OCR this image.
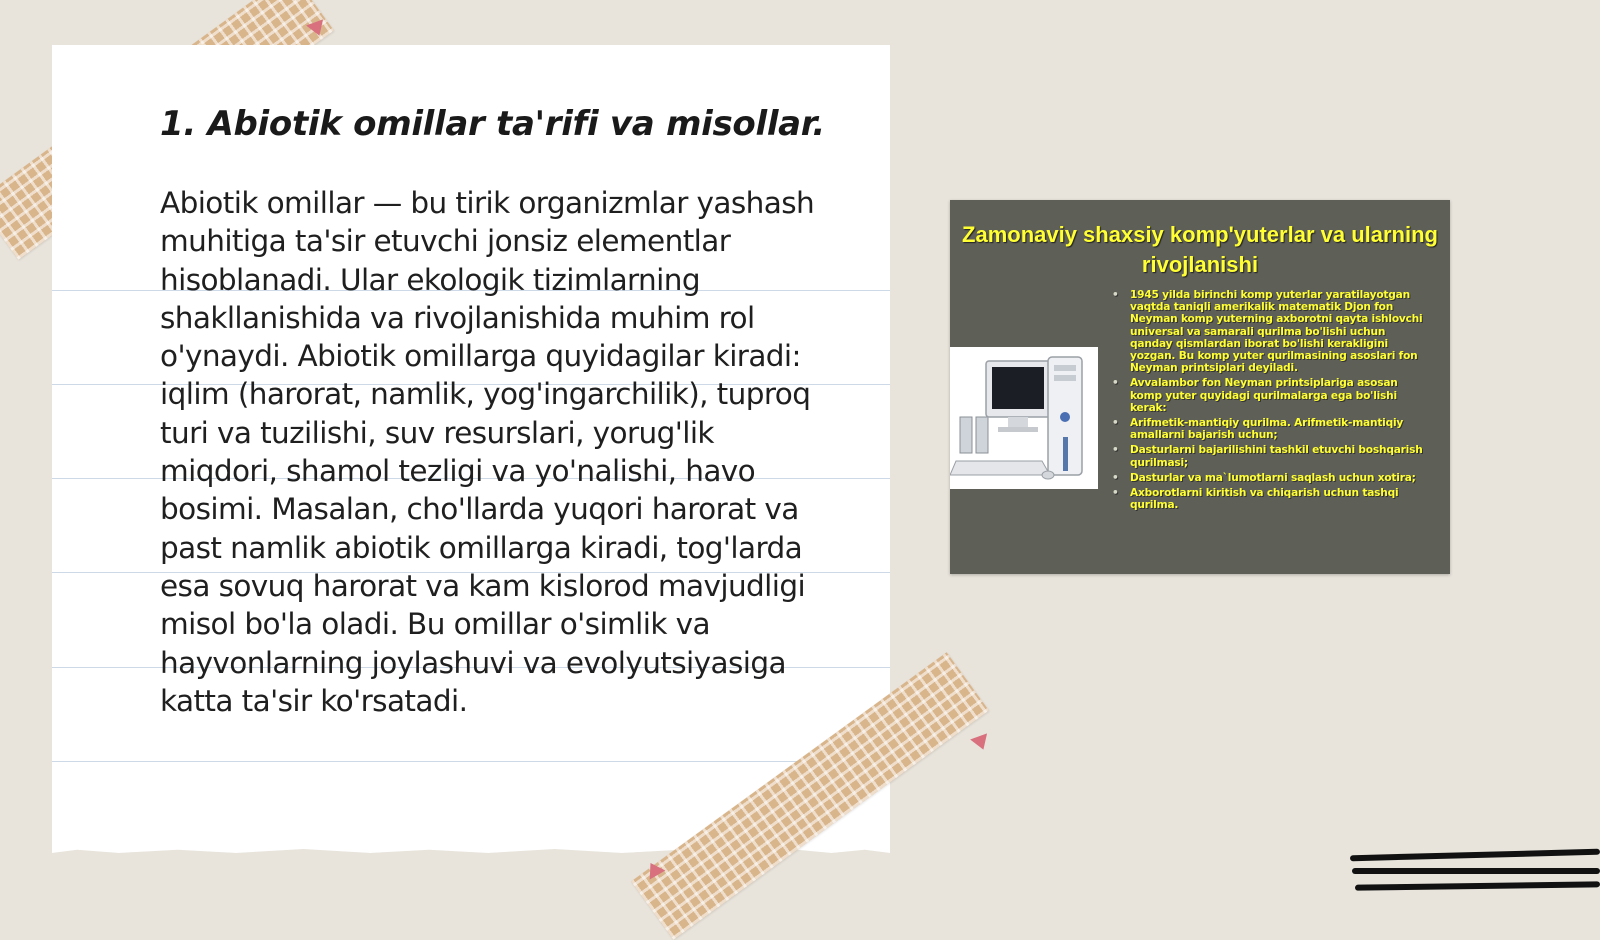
1. Abiotik omillar ta'rifi va misollar.

Abiotik omillar — bu tirik organizmlar yashash muhitiga ta'sir etuvchi jonsiz elementlar hisoblanadi. Ular ekologik tizimlarning shakllanishida va rivojlanishida muhim rol o'ynaydi. Abiotik omillarga quyidagilar kiradi: iqlim (harorat, namlik, yog'ingarchilik), tuproq turi va tuzilishi, suv resurslari, yorug'lik miqdori, shamol tezligi va yo'nalishi, havo bosimi. Masalan, cho'llarda yuqori harorat va past namlik abiotik omillarga kiradi, tog'larda esa sovuq harorat va kam kislorod mavjudligi misol bo'la oladi. Bu omillar o'simlik va hayvonlarning joylashuvi va evolyutsiyasiga katta ta'sir ko'rsatadi.

Zamonaviy shaxsiy komp'yuterlar va ularning rivojlanishi
• 1945 yilda birinchi komp yuterlar yaratilayotgan vaqtda taniqli amerikalik matematik Djon fon Neyman komp yuterning axborotni qayta ishlovchi universal va samarali qurilma bo'lishi uchun qanday qismlardan iborat bo'lishi kerakligini yozgan. Bu komp yuter qurilmasining asoslari fon Neyman printsiplari deyiladi.
• Avvalambor fon Neyman printsiplariga asosan komp yuter quyidagi qurilmalarga ega bo'lishi kerak:
• Arifmetik-mantiqiy qurilma. Arifmetik-mantiqiy amallarni bajarish uchun;
• Dasturlarni bajarilishini tashkil etuvchi boshqarish qurilmasi;
• Dasturlar va ma`lumotlarni saqlash uchun xotira;
• Axborotlarni kiritish va chiqarish uchun tashqi qurilma.
